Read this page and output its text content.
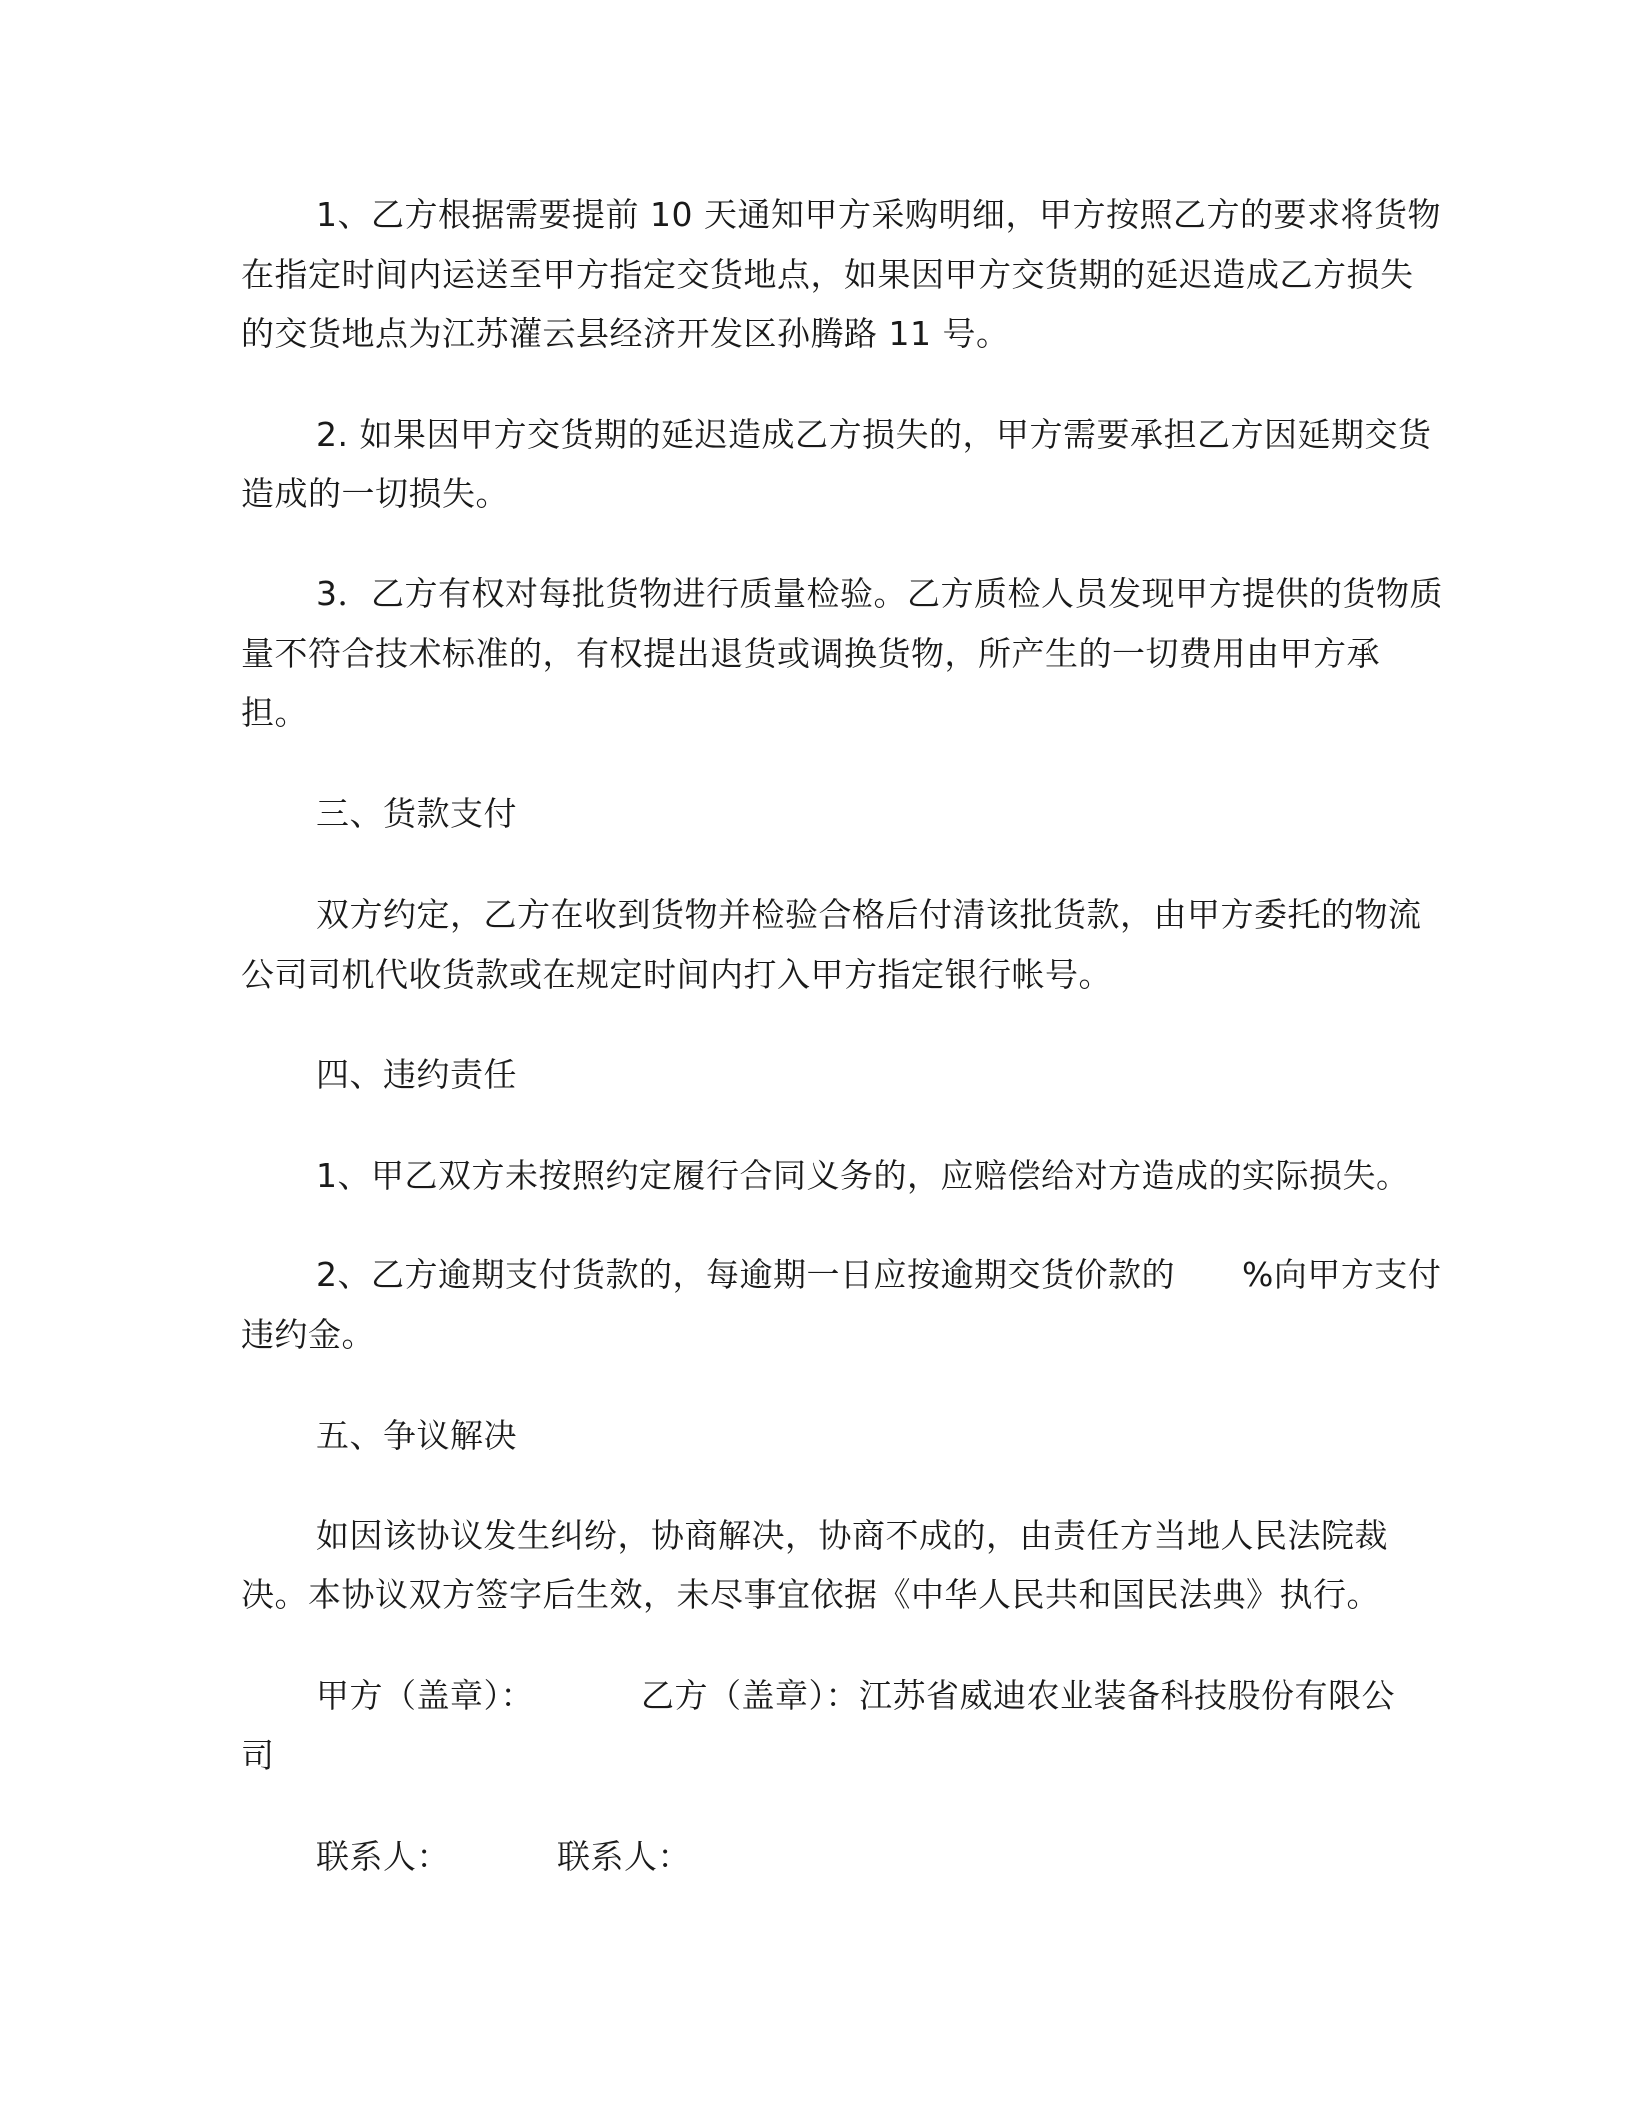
1、乙方根据需要提前 10 天通知甲方采购明细，甲方按照乙方的要求将货物
在指定时间内运送至甲方指定交货地点，如果因甲方交货期的延迟造成乙方损失
的交货地点为江苏灌云县经济开发区孙腾路 11 号。
2. 如果因甲方交货期的延迟造成乙方损失的，甲方需要承担乙方因延期交货
造成的一切损失。
3．乙方有权对每批货物进行质量检验。乙方质检人员发现甲方提供的货物质
量不符合技术标准的，有权提出退货或调换货物，所产生的一切费用由甲方承
担。
三、货款支付
双方约定，乙方在收到货物并检验合格后付清该批货款，由甲方委托的物流
公司司机代收货款或在规定时间内打入甲方指定银行帐号。
四、违约责任
1、甲乙双方未按照约定履行合同义务的，应赔偿给对方造成的实际损失。
2、乙方逾期支付货款的，每逾期一日应按逾期交货价款的　　%向甲方支付
违约金。
五、争议解决
如因该协议发生纠纷，协商解决，协商不成的，由责任方当地人民法院裁
决。本协议双方签字后生效，未尽事宜依据《中华人民共和国民法典》执行。
甲方（盖章）：	乙方（盖章）：江苏省威迪农业装备科技股份有限公
司
联系人：	联系人：
